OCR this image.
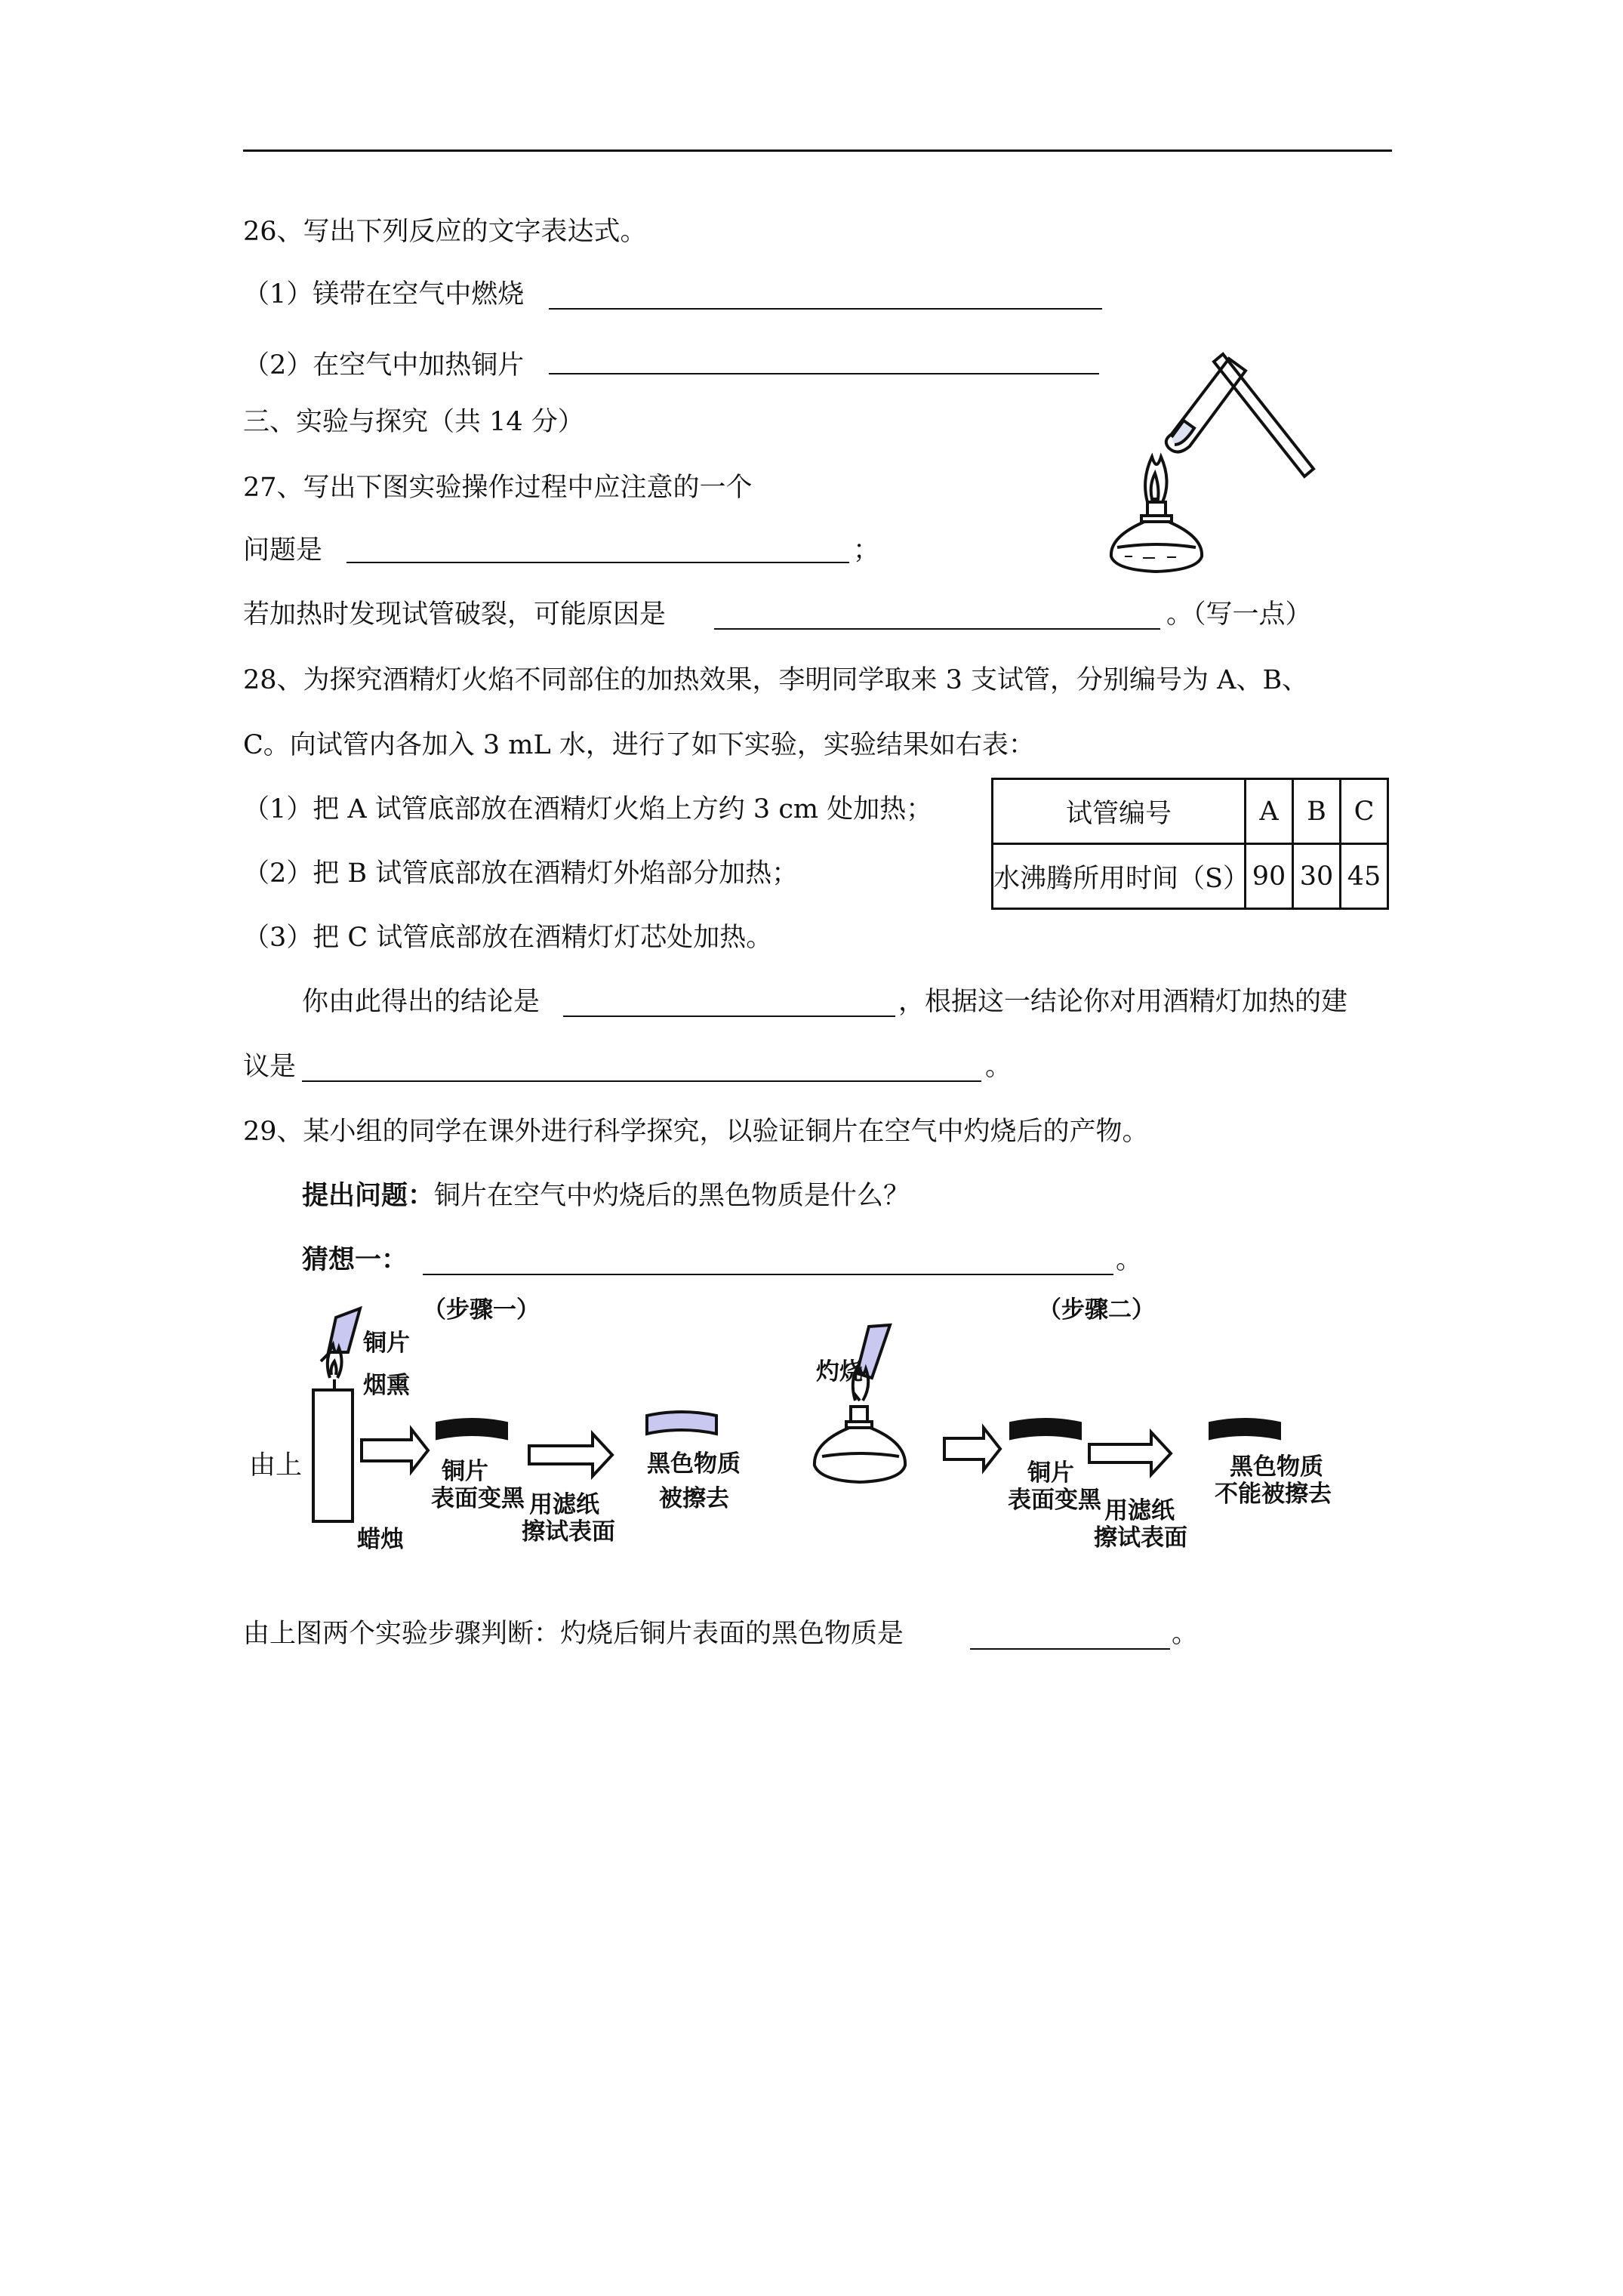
26、写出下列反应的文字表达式。
（1）镁带在空气中燃烧
（2）在空气中加热铜片
三、实验与探究（共 14 分）
27、写出下图实验操作过程中应注意的一个
问题是	；
若加热时发现试管破裂，可能原因是	。（写一点）
28、为探究酒精灯火焰不同部住的加热效果，李明同学取来 3 支试管，分别编号为 A、B、
C。向试管内各加入 3 mL 水，进行了如下实验，实验结果如右表：
（1）把 A 试管底部放在酒精灯火焰上方约 3 cm 处加热；
（2）把 B 试管底部放在酒精灯外焰部分加热；
（3）把 C 试管底部放在酒精灯灯芯处加热。
试管编号	A	B	C
水沸腾所用时间（S）	90	30	45
你由此得出的结论是	，根据这一结论你对用酒精灯加热的建
议是	。
29、某小组的同学在课外进行科学探究，以验证铜片在空气中灼烧后的产物。
提出问题：铜片在空气中灼烧后的黑色物质是什么？
猜想一：	。
由上
（步骤一）	（步骤二）
铜片
烟熏
蜡烛
灼烧
铜片
表面变黑 用滤纸
擦试表面
黑色物质
被擦去
铜片
表面变黑 用滤纸
擦试表面
黑色物质
不能被擦去
由上图两个实验步骤判断：灼烧后铜片表面的黑色物质是	。
